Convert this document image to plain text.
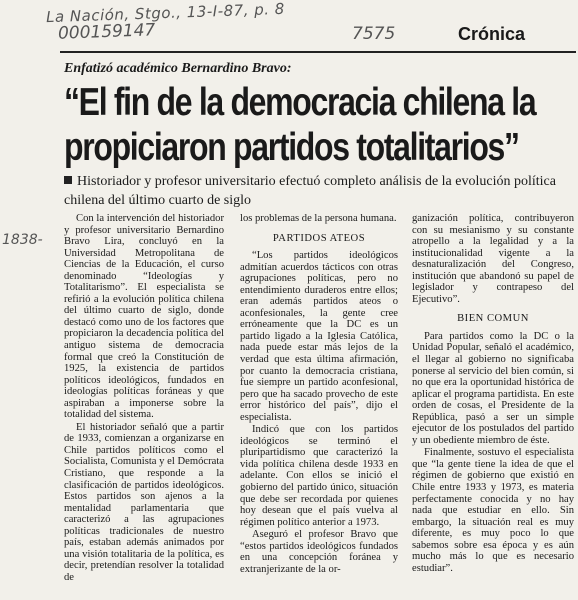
La Nación, Stgo., 13-I-87, p. 8
000159147	7575
1838-
Crónica
Enfatizó académico Bernardino Bravo:
“El fin de la democracia chilena la
propiciaron partidos totalitarios”
Historiador y profesor universitario efectuó completo análisis de la evolución política chilena del último cuarto de siglo

Con la intervención del historiador y profesor universitario Bernardino Bravo Lira, concluyó en la Universidad Metropolitana de Ciencias de la Educación, el curso denominado “Ideologías y Totalitarismo”. El especialista se refirió a la evolución política chilena del último cuarto de siglo, donde destacó como uno de los factores que propiciaron la decadencia política del antiguo sistema de democracia formal que creó la Constitución de 1925, la existencia de partidos políticos ideológicos, fundados en ideologías políticas foráneas y que aspiraban a imponerse sobre la totalidad del sistema.

El historiador señaló que a partir de 1933, comienzan a organizarse en Chile partidos políticos como el Socialista, Comunista y el Demócrata Cristiano, que responde a la clasificación de partidos ideológicos. Estos partidos son ajenos a la mentalidad parlamentaria que caracterizó a las agrupaciones políticas tradicionales de nuestro país, estaban además animados por una visión totalitaria de la política, es decir, pretendían resolver la totalidad de

los problemas de la persona humana.

PARTIDOS ATEOS

“Los partidos ideológicos admitían acuerdos tácticos con otras agrupaciones políticas, pero no entendimiento duraderos entre ellos; eran además partidos ateos o aconfesionales, la gente cree erróneamente que la DC es un partido ligado a la Iglesia Católica, nada puede estar más lejos de la verdad que esta última afirmación, por cuanto la democracia cristiana, fue siempre un partido aconfesional, pero que ha sacado provecho de este error histórico del país”, dijo el especialista.

Indicó que con los partidos ideológicos se terminó el pluripartidismo que caracterizó la vida política chilena desde 1933 en adelante. Con ellos se inició el gobierno del partido único, situación que debe ser recordada por quienes hoy desean que el país vuelva al régimen político anterior a 1973.

Aseguró el profesor Bravo que “estos partidos ideológicos fundados en una concepción foránea y extranjerizante de la or-

ganización política, contribuyeron con su mesianismo y su constante atropello a la legalidad y a la institucionalidad vigente a la desnaturalización del Congreso, institución que abandonó su papel de legislador y contrapeso del Ejecutivo”.

BIEN COMUN

Para partidos como la DC o la Unidad Popular, señaló el académico, el llegar al gobierno no significaba ponerse al servicio del bien común, si no que era la oportunidad histórica de aplicar el programa partidista. En este orden de cosas, el Presidente de la República, pasó a ser un simple ejecutor de los postulados del partido y un obediente miembro de éste.

Finalmente, sostuvo el especialista que “la gente tiene la idea de que el régimen de gobierno que existió en Chile entre 1933 y 1973, es materia perfectamente conocida y no hay nada que estudiar en ello. Sin embargo, la situación real es muy diferente, es muy poco lo que sabemos sobre esa época y es aún mucho más lo que es necesario estudiar”.
